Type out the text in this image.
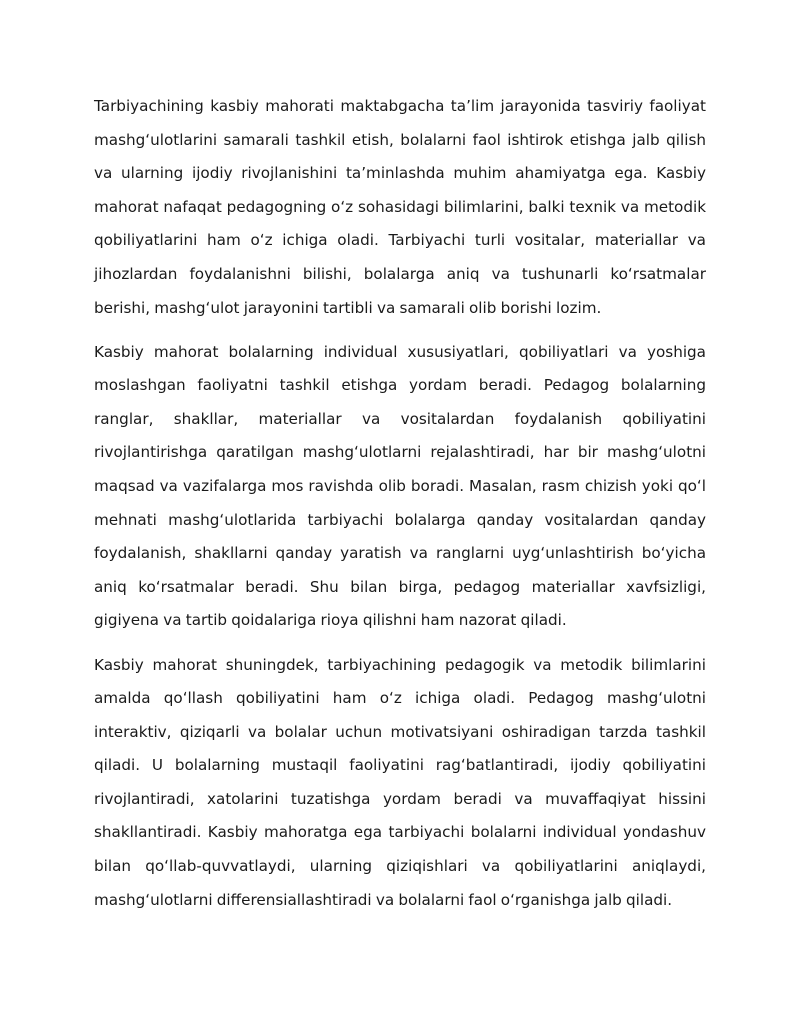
Tarbiyachining kasbiy mahorati maktabgacha taʼlim jarayonida tasviriy faoliyat mashgʻulotlarini samarali tashkil etish, bolalarni faol ishtirok etishga jalb qilish va ularning ijodiy rivojlanishini taʼminlashda muhim ahamiyatga ega. Kasbiy mahorat nafaqat pedagogning oʻz sohasidagi bilimlarini, balki texnik va metodik qobiliyatlarini ham oʻz ichiga oladi. Tarbiyachi turli vositalar, materiallar va jihozlardan foydalanishni bilishi, bolalarga aniq va tushunarli koʻrsatmalar berishi, mashgʻulot jarayonini tartibli va samarali olib borishi lozim.

Kasbiy mahorat bolalarning individual xususiyatlari, qobiliyatlari va yoshiga moslashgan faoliyatni tashkil etishga yordam beradi. Pedagog bolalarning ranglar, shakllar, materiallar va vositalardan foydalanish qobiliyatini rivojlantirishga qaratilgan mashgʻulotlarni rejalashtiradi, har bir mashgʻulotni maqsad va vazifalarga mos ravishda olib boradi. Masalan, rasm chizish yoki qoʻl mehnati mashgʻulotlarida tarbiyachi bolalarga qanday vositalardan qanday foydalanish, shakllarni qanday yaratish va ranglarni uygʻunlashtirish boʻyicha aniq koʻrsatmalar beradi. Shu bilan birga, pedagog materiallar xavfsizligi, gigiyena va tartib qoidalariga rioya qilishni ham nazorat qiladi.

Kasbiy mahorat shuningdek, tarbiyachining pedagogik va metodik bilimlarini amalda qoʻllash qobiliyatini ham oʻz ichiga oladi. Pedagog mashgʻulotni interaktiv, qiziqarli va bolalar uchun motivatsiyani oshiradigan tarzda tashkil qiladi. U bolalarning mustaqil faoliyatini ragʻbatlantiradi, ijodiy qobiliyatini rivojlantiradi, xatolarini tuzatishga yordam beradi va muvaffaqiyat hissini shakllantiradi. Kasbiy mahoratga ega tarbiyachi bolalarni individual yondashuv bilan qoʻllab-quvvatlaydi, ularning qiziqishlari va qobiliyatlarini aniqlaydi, mashgʻulotlarni differensiallashtiradi va bolalarni faol oʻrganishga jalb qiladi.
